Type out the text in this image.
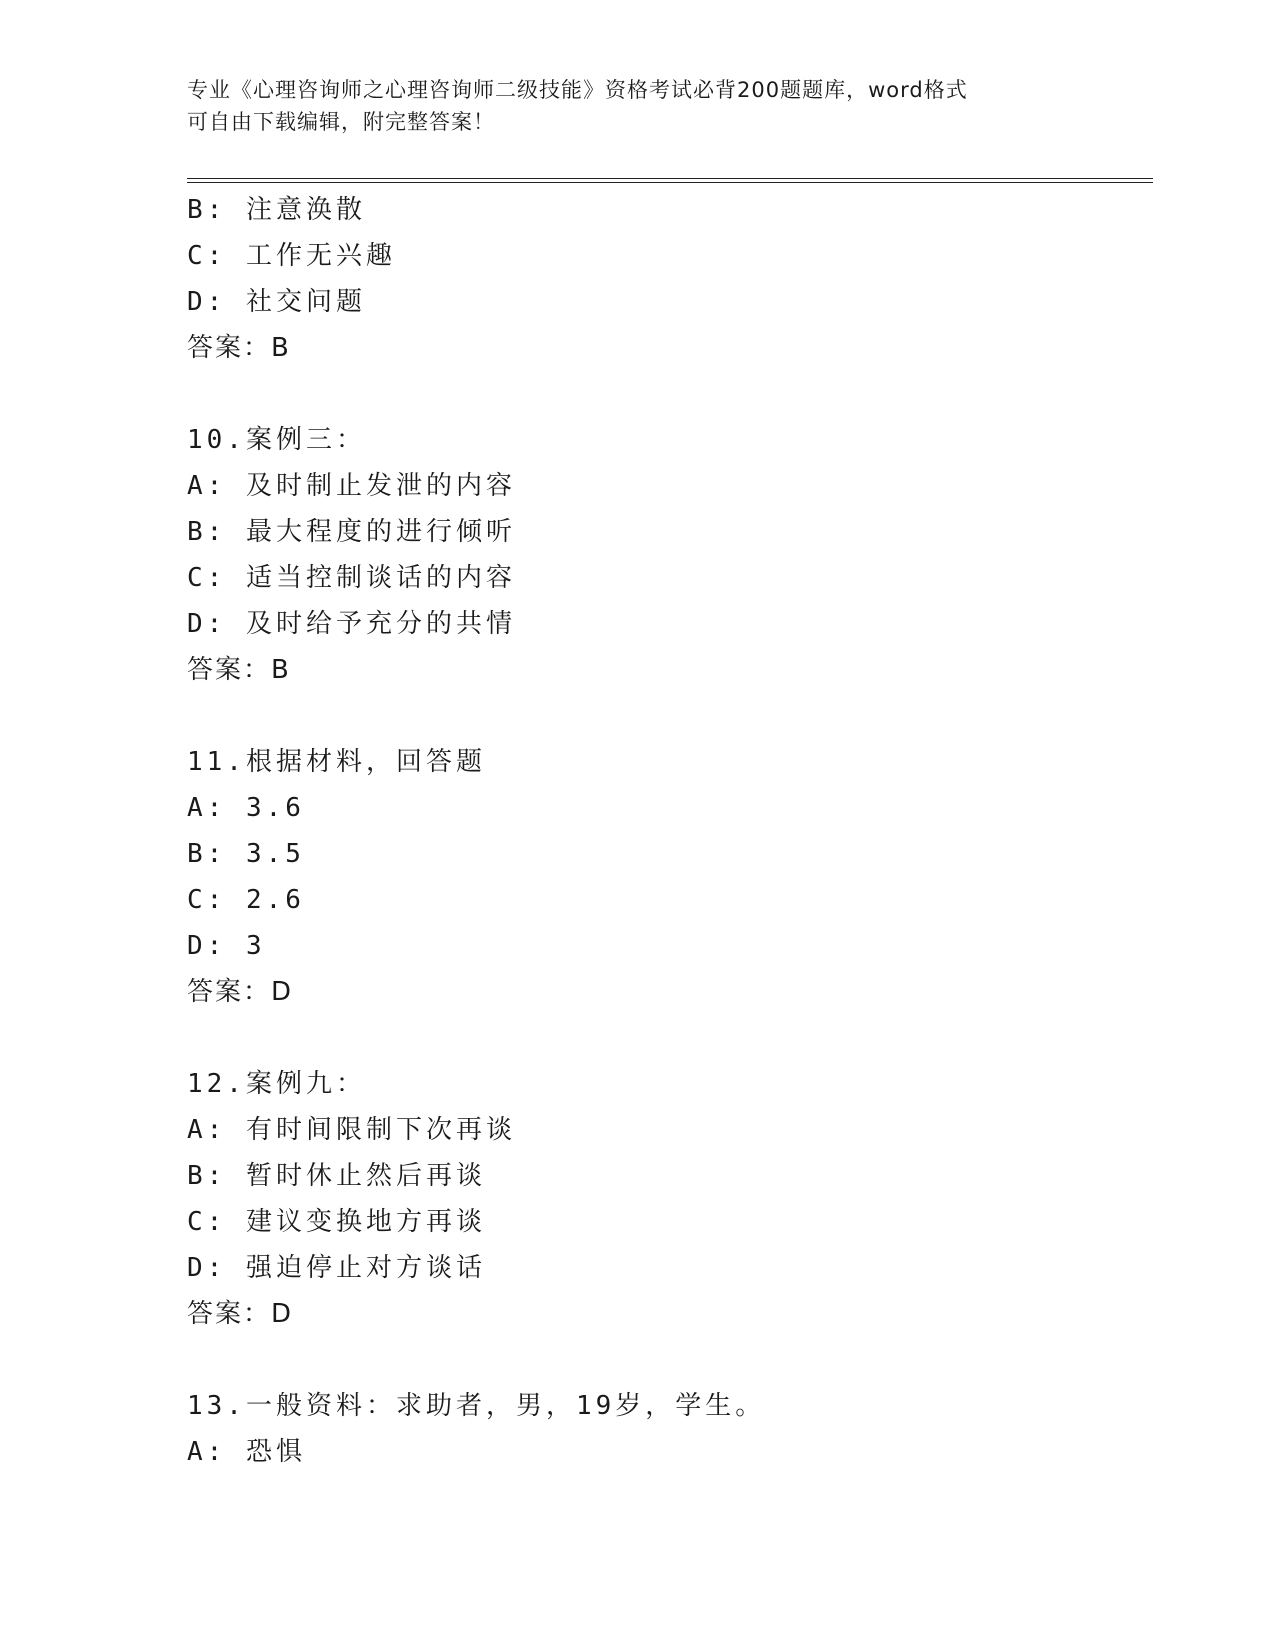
专业《心理咨询师之心理咨询师二级技能》资格考试必背200题题库，word格式
可自由下载编辑，附完整答案！
B: 注意涣散
C: 工作无兴趣
D: 社交问题
答案：B
10.案例三：
A: 及时制止发泄的内容
B: 最大程度的进行倾听
C: 适当控制谈话的内容
D: 及时给予充分的共情
答案：B
11.根据材料，回答题
A: 3.6
B: 3.5
C: 2.6
D: 3
答案：D
12.案例九：
A: 有时间限制下次再谈
B: 暂时休止然后再谈
C: 建议变换地方再谈
D: 强迫停止对方谈话
答案：D
13.一般资料：求助者，男，19岁，学生。
A: 恐惧
